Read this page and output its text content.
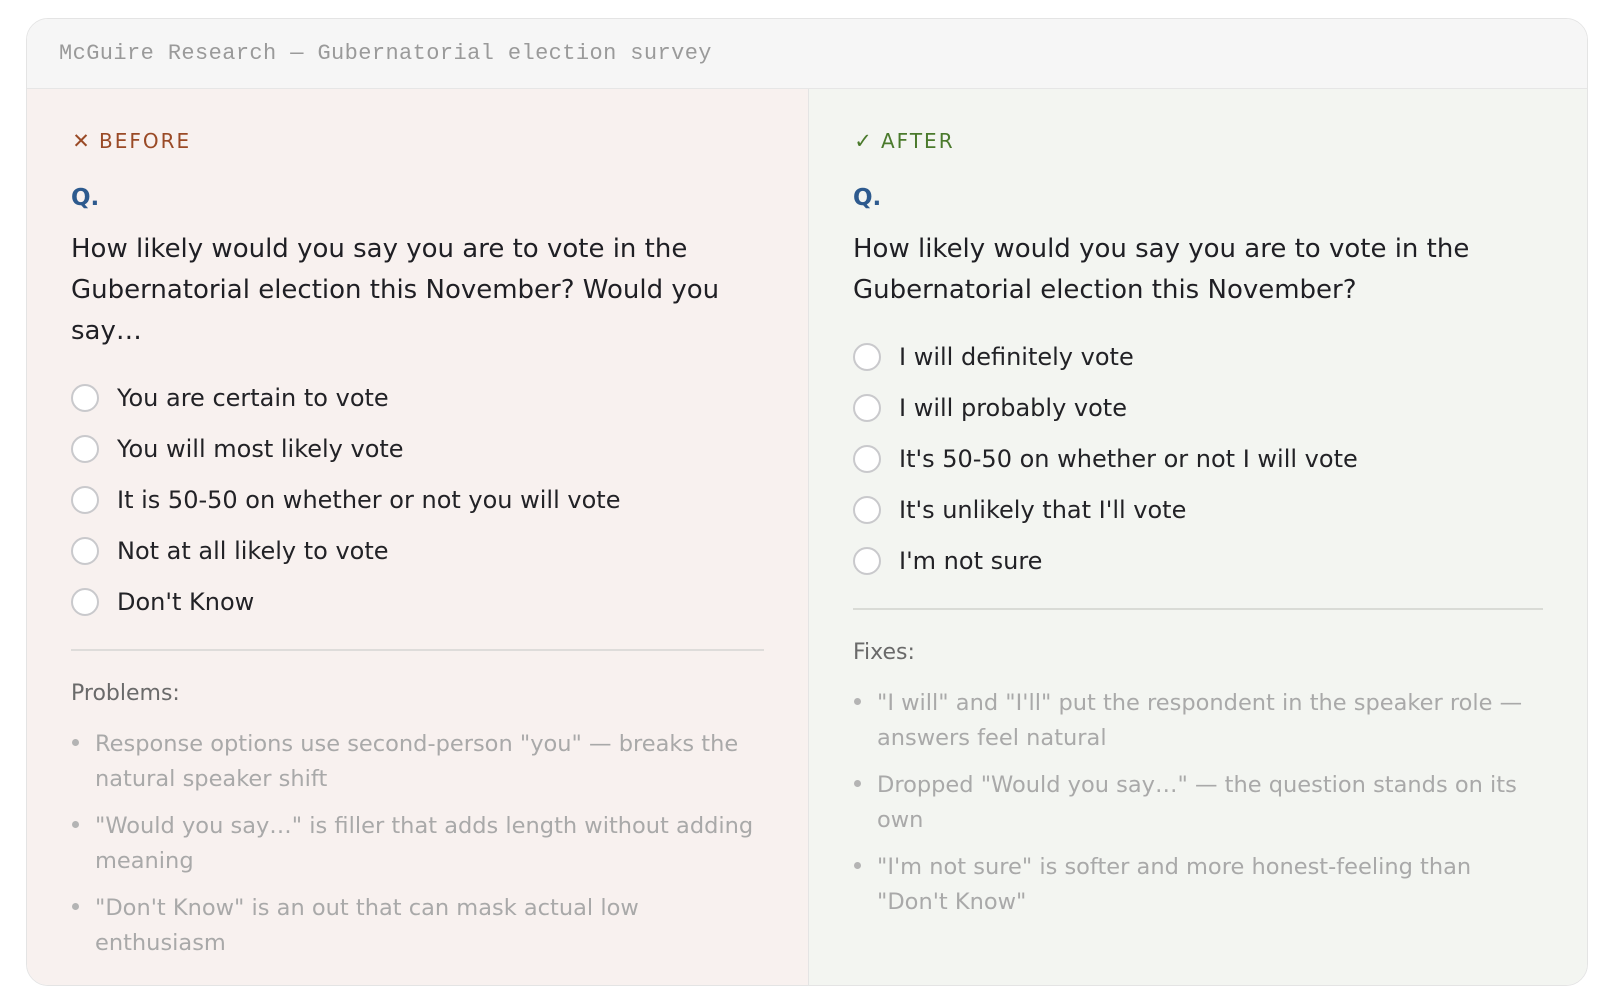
McGuire Research — Gubernatorial election survey
✕ BEFORE
Q.
How likely would you say you are to vote in the Gubernatorial election this November? Would you say…
You are certain to vote
You will most likely vote
It is 50-50 on whether or not you will vote
Not at all likely to vote
Don't Know
Problems:
Response options use second-person "you" — breaks the natural speaker shift
"Would you say…" is filler that adds length without adding meaning
"Don't Know" is an out that can mask actual low enthusiasm
✓ AFTER
Q.
How likely would you say you are to vote in the Gubernatorial election this November?
I will definitely vote
I will probably vote
It's 50-50 on whether or not I will vote
It's unlikely that I'll vote
I'm not sure
Fixes:
"I will" and "I'll" put the respondent in the speaker role — answers feel natural
Dropped "Would you say…" — the question stands on its own
"I'm not sure" is softer and more honest-feeling than "Don't Know"
